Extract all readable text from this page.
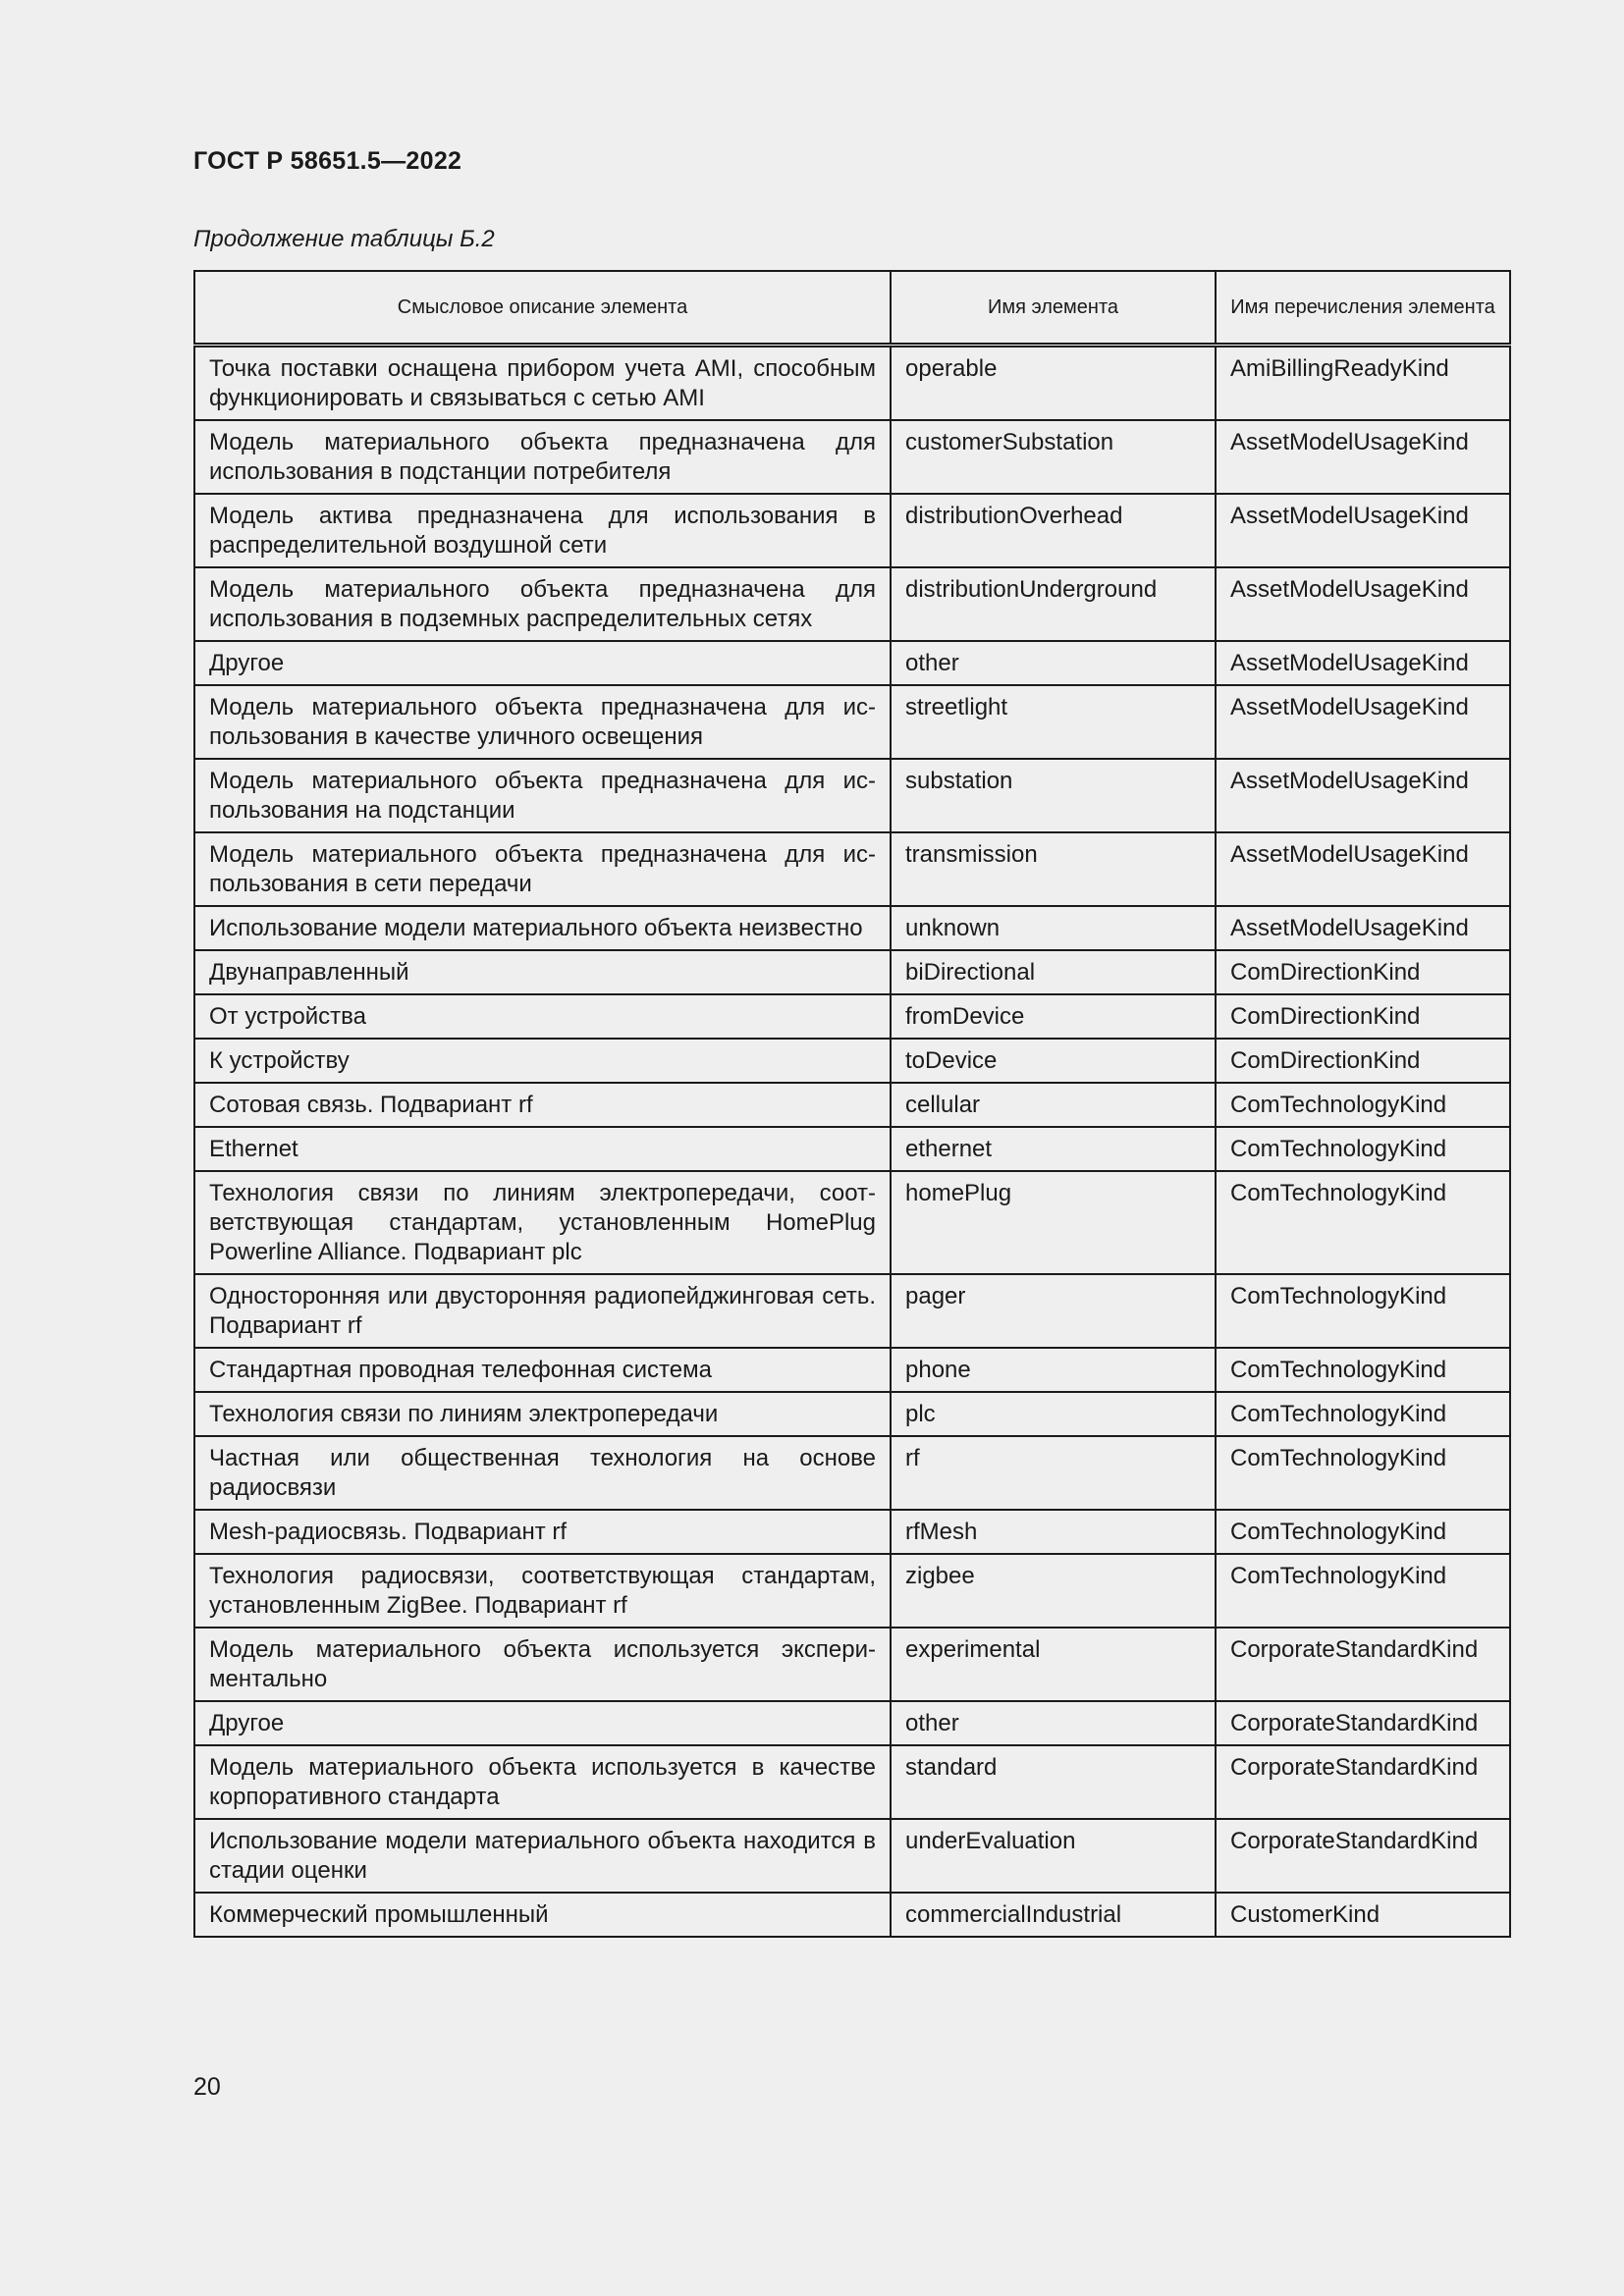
ГОСТ Р 58651.5—2022
Продолжение таблицы Б.2
Смысловое описание элемента	Имя элемента	Имя перечисления элемента
Точка поставки оснащена прибором учета AMI, способным функционировать и связываться с сетью AMI	operable	AmiBillingReadyKind
Модель материального объекта предназначена для использования в подстанции потребителя	customerSubstation	AssetModelUsageKind
Модель актива предназначена для использования в распределительной воздушной сети	distributionOverhead	AssetModelUsageKind
Модель материального объекта предназначена для использования в подземных распределительных сетях	distributionUnderground	AssetModelUsageKind
Другое	other	AssetModelUsageKind
Модель материального объекта предназначена для ис-пользования в качестве уличного освещения	streetlight	AssetModelUsageKind
Модель материального объекта предназначена для ис-пользования на подстанции	substation	AssetModelUsageKind
Модель материального объекта предназначена для ис-пользования в сети передачи	transmission	AssetModelUsageKind
Использование модели материального объекта неизвестно	unknown	AssetModelUsageKind
Двунаправленный	biDirectional	ComDirectionKind
От устройства	fromDevice	ComDirectionKind
К устройству	toDevice	ComDirectionKind
Сотовая связь. Подвариант rf	cellular	ComTechnologyKind
Ethernet	ethernet	ComTechnologyKind
Технология связи по линиям электропередачи, соот-ветствующая стандартам, установленным HomePlug Powerline Alliance. Подвариант plc	homePlug	ComTechnologyKind
Односторонняя или двусторонняя радиопейджинговая сеть. Подвариант rf	pager	ComTechnologyKind
Стандартная проводная телефонная система	phone	ComTechnologyKind
Технология связи по линиям электропередачи	plc	ComTechnologyKind
Частная или общественная технология на основе радиосвязи	rf	ComTechnologyKind
Mesh-радиосвязь. Подвариант rf	rfMesh	ComTechnologyKind
Технология радиосвязи, соответствующая стандартам, установленным ZigBee. Подвариант rf	zigbee	ComTechnologyKind
Модель материального объекта используется экспери-ментально	experimental	CorporateStandardKind
Другое	other	CorporateStandardKind
Модель материального объекта используется в качестве корпоративного стандарта	standard	CorporateStandardKind
Использование модели материального объекта находится в стадии оценки	underEvaluation	CorporateStandardKind
Коммерческий промышленный	commercialIndustrial	CustomerKind
20
